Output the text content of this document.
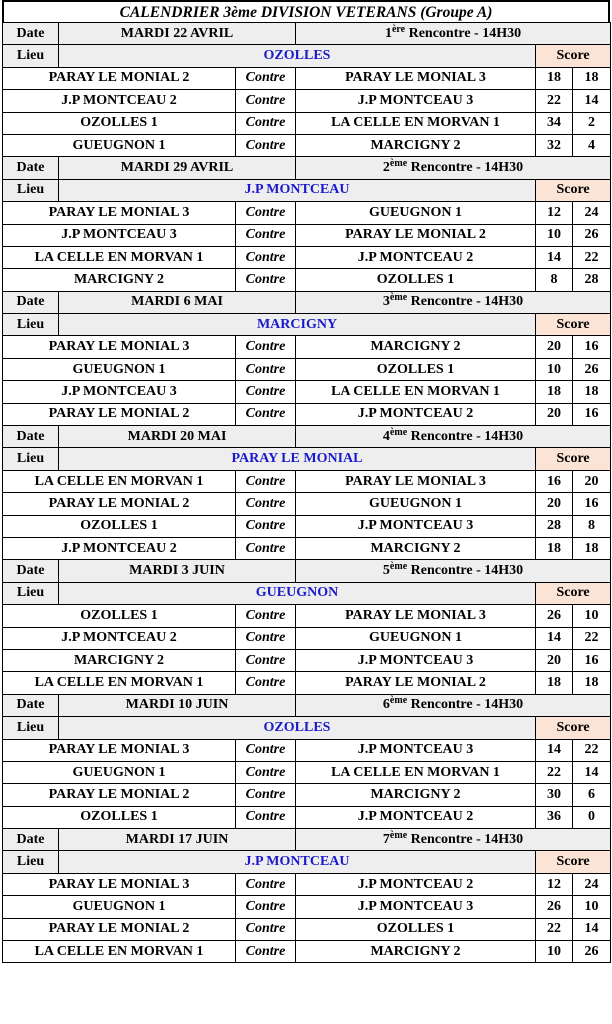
CALENDRIER 3ème DIVISION VETERANS (Groupe A)
Date	MARDI 22 AVRIL		1ère Rencontre - 14H30		
Lieu	OZOLLES			Score	
PARAY LE MONIAL 2		Contre	PARAY LE MONIAL 3	18	18
J.P MONTCEAU 2		Contre	J.P MONTCEAU 3	22	14
OZOLLES 1		Contre	LA CELLE EN MORVAN 1	34	2
GUEUGNON 1		Contre	MARCIGNY 2	32	4
Date	MARDI 29 AVRIL		2ème Rencontre - 14H30		
Lieu	J.P MONTCEAU			Score	
PARAY LE MONIAL 3		Contre	GUEUGNON 1	12	24
J.P MONTCEAU 3		Contre	PARAY LE MONIAL 2	10	26
LA CELLE EN MORVAN 1		Contre	J.P MONTCEAU 2	14	22
MARCIGNY 2		Contre	OZOLLES 1	8	28
Date	MARDI 6 MAI		3ème Rencontre - 14H30		
Lieu	MARCIGNY			Score	
PARAY LE MONIAL 3		Contre	MARCIGNY 2	20	16
GUEUGNON 1		Contre	OZOLLES 1	10	26
J.P MONTCEAU 3		Contre	LA CELLE EN MORVAN 1	18	18
PARAY LE MONIAL 2		Contre	J.P MONTCEAU 2	20	16
Date	MARDI 20 MAI		4ème Rencontre - 14H30		
Lieu	PARAY LE MONIAL			Score	
LA CELLE EN MORVAN 1		Contre	PARAY LE MONIAL 3	16	20
PARAY LE MONIAL 2		Contre	GUEUGNON 1	20	16
OZOLLES 1		Contre	J.P MONTCEAU 3	28	8
J.P MONTCEAU 2		Contre	MARCIGNY 2	18	18
Date	MARDI 3 JUIN		5ème Rencontre - 14H30		
Lieu	GUEUGNON			Score	
OZOLLES 1		Contre	PARAY LE MONIAL 3	26	10
J.P MONTCEAU 2		Contre	GUEUGNON 1	14	22
MARCIGNY 2		Contre	J.P MONTCEAU 3	20	16
LA CELLE EN MORVAN 1		Contre	PARAY LE MONIAL 2	18	18
Date	MARDI 10 JUIN		6ème Rencontre - 14H30		
Lieu	OZOLLES			Score	
PARAY LE MONIAL 3		Contre	J.P MONTCEAU 3	14	22
GUEUGNON 1		Contre	LA CELLE EN MORVAN 1	22	14
PARAY LE MONIAL 2		Contre	MARCIGNY 2	30	6
OZOLLES 1		Contre	J.P MONTCEAU 2	36	0
Date	MARDI 17 JUIN		7ème Rencontre - 14H30		
Lieu	J.P MONTCEAU			Score	
PARAY LE MONIAL 3		Contre	J.P MONTCEAU 2	12	24
GUEUGNON 1		Contre	J.P MONTCEAU 3	26	10
PARAY LE MONIAL 2		Contre	OZOLLES 1	22	14
LA CELLE EN MORVAN 1		Contre	MARCIGNY 2	10	26
